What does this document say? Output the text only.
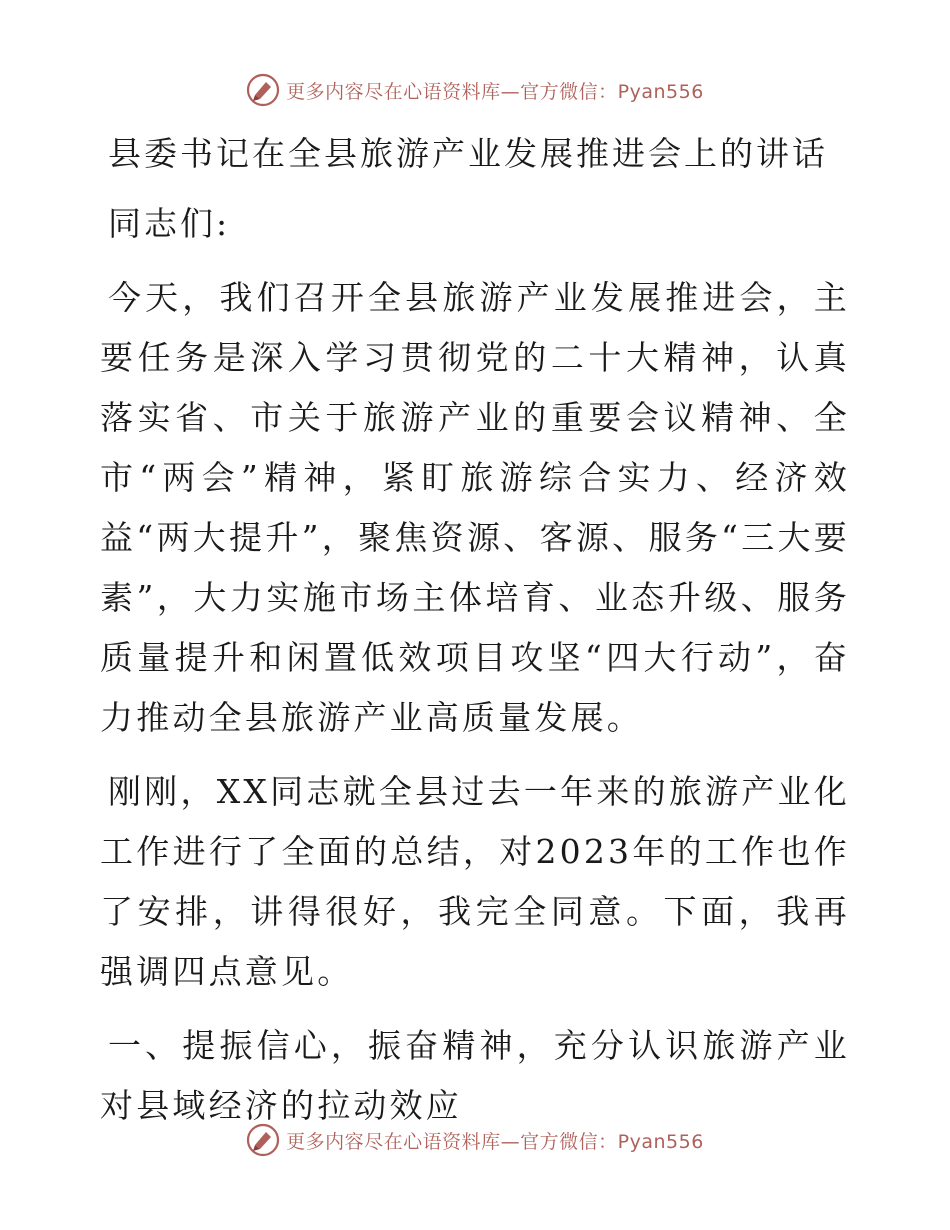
更多内容尽在心语资料库—官方微信：Pyan556
县委书记在全县旅游产业发展推进会上的讲话
同志们:

今天，我们召开全县旅游产业发展推进会，主要任务是深入学习贯彻党的二十大精神，认真落实省、市关于旅游产业的重要会议精神、全市“两会”精神，紧盯旅游综合实力、经济效益“两大提升”，聚焦资源、客源、服务“三大要素”，大力实施市场主体培育、业态升级、服务质量提升和闲置低效项目攻坚“四大行动”，奋力推动全县旅游产业高质量发展。

刚刚，XX同志就全县过去一年来的旅游产业化工作进行了全面的总结，对2023年的工作也作了安排，讲得很好，我完全同意。下面，我再强调四点意见。

一、提振信心，振奋精神，充分认识旅游产业对县域经济的拉动效应

更多内容尽在心语资料库—官方微信：Pyan556
